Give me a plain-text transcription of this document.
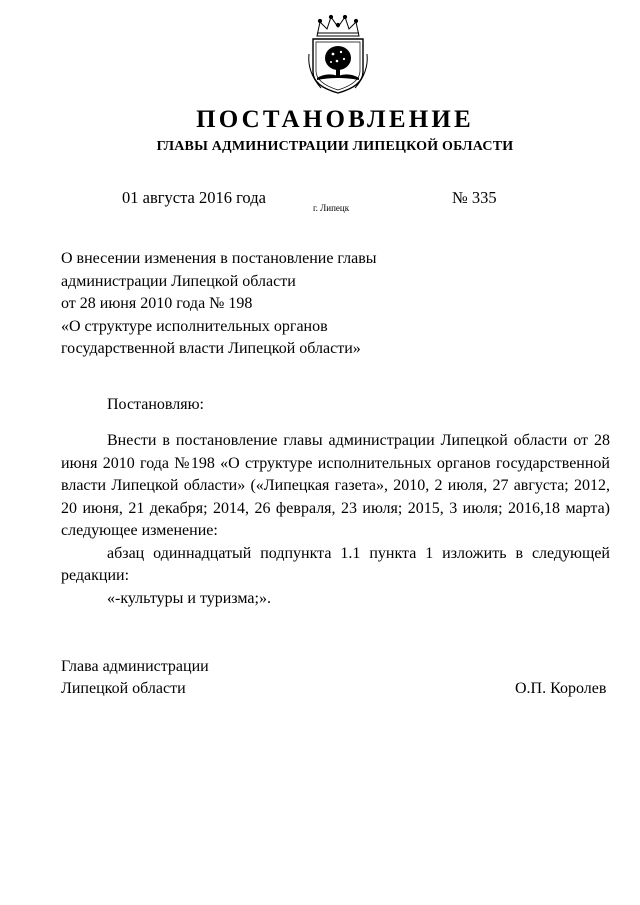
ПОСТАНОВЛЕНИЕ
ГЛАВЫ АДМИНИСТРАЦИИ ЛИПЕЦКОЙ ОБЛАСТИ
01 августа 2016 года
г. Липецк
№ 335
О внесении изменения в постановление главы
администрации Липецкой области
от 28 июня 2010 года № 198
«О структуре исполнительных органов
государственной власти Липецкой области»
Постановляю:

Внести в постановление главы администрации Липецкой области от 28 июня 2010 года №198 «О структуре исполнительных органов государственной власти Липецкой области» («Липецкая газета», 2010, 2 июля, 27 августа; 2012, 20 июня, 21 декабря; 2014, 26 февраля, 23 июля; 2015, 3 июля; 2016,18 марта) следующее изменение:

абзац одиннадцатый подпункта 1.1 пункта 1 изложить в следующей редакции:

«-культуры и туризма;».

Глава администрации
Липецкой области	О.П. Королев
